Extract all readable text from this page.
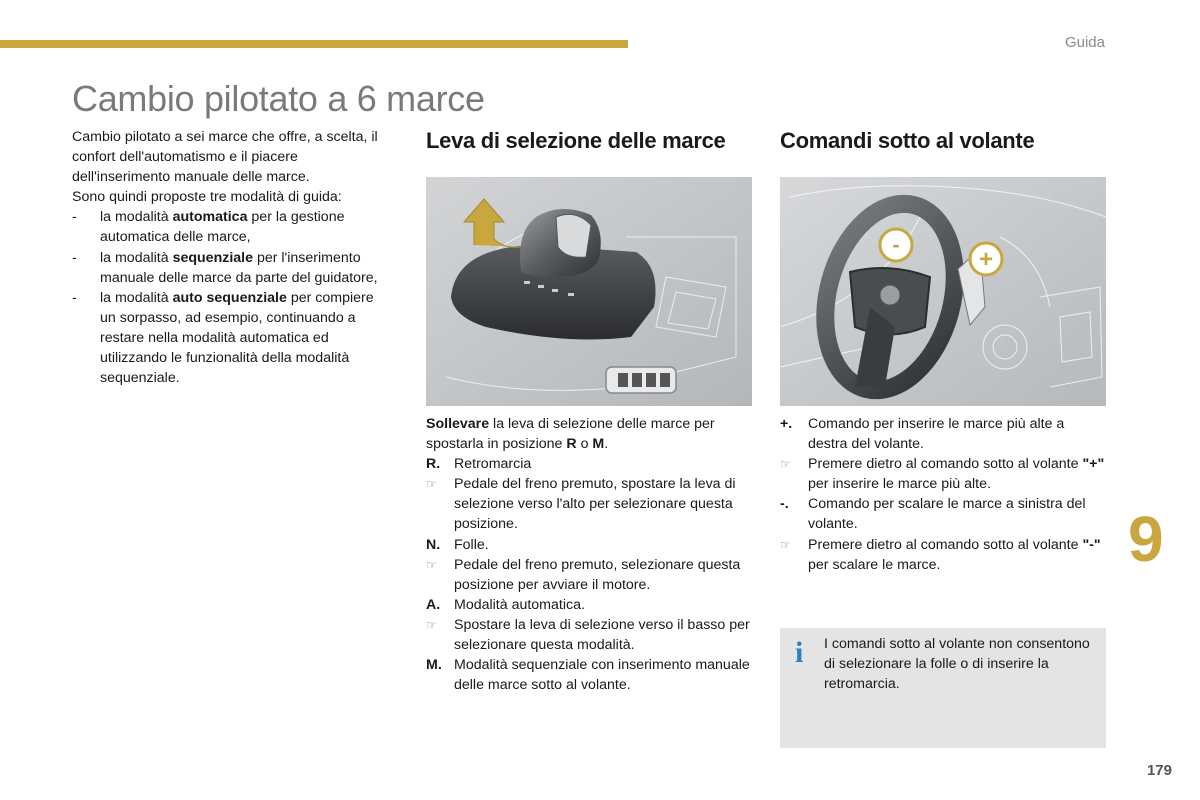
Guida
Cambio pilotato a 6 marce

Cambio pilotato a sei marce che offre, a scelta, il confort dell'automatismo e il piacere dell'inserimento manuale delle marce.

Sono quindi proposte tre modalità di guida:

-	la modalità automatica per la gestione automatica delle marce,
-	la modalità sequenziale per l'inserimento manuale delle marce da parte del guidatore,
-	la modalità auto sequenziale per compiere un sorpasso, ad esempio, continuando a restare nella modalità automatica ed utilizzando le funzionalità della modalità sequenziale.
Leva di selezione delle marce

Sollevare la leva di selezione delle marce per spostarla in posizione R o M.

R. Retromarcia
☞	Pedale del freno premuto, spostare la leva di selezione verso l'alto per selezionare questa posizione.
N. Folle.
☞	Pedale del freno premuto, selezionare questa posizione per avviare il motore.
A. Modalità automatica.
☞	Spostare la leva di selezione verso il basso per selezionare questa modalità.
M. Modalità sequenziale con inserimento manuale delle marce sotto al volante.
Comandi sotto al volante
-
+
+.	Comando per inserire le marce più alte a destra del volante.
☞	Premere dietro al comando sotto al volante "+" per inserire le marce più alte.
-.	Comando per scalare le marce a sinistra del volante.
☞	Premere dietro al comando sotto al volante "-" per scalare le marce.	9
i I comandi sotto al volante non consentono di selezionare la folle o di inserire la retromarcia.
179
